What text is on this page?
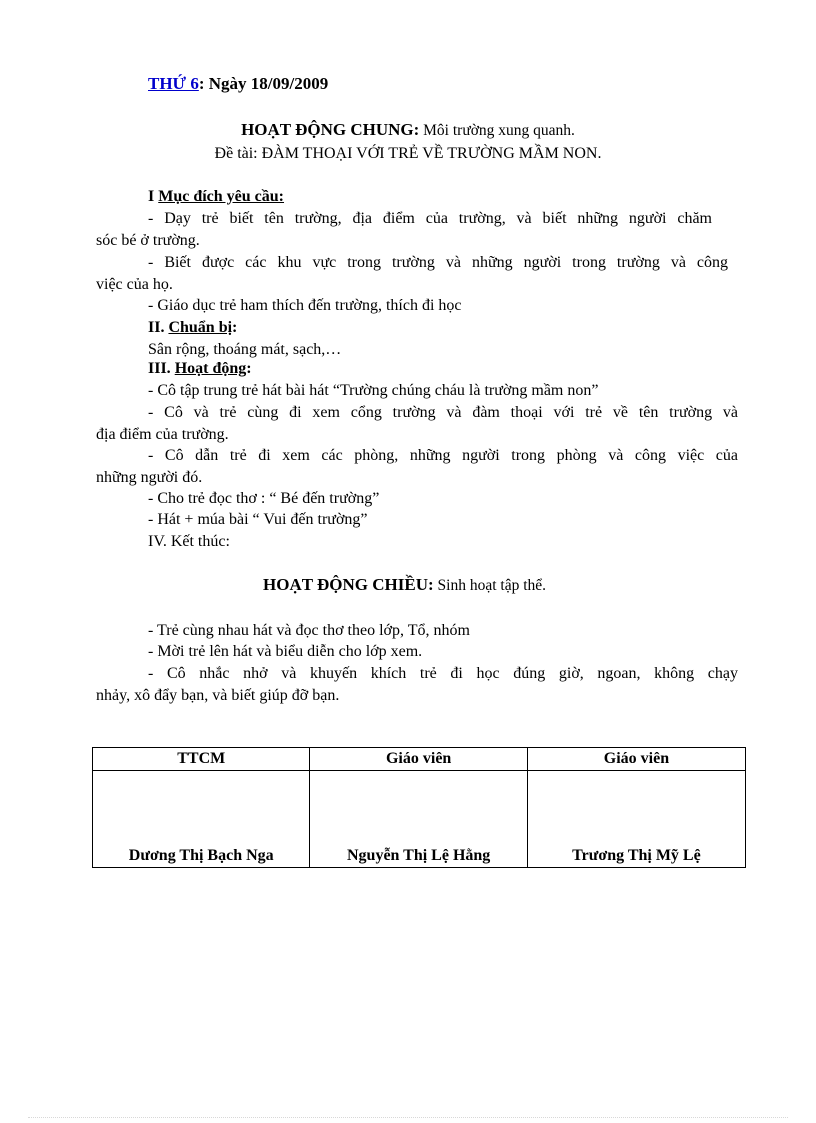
THỨ 6: Ngày 18/09/2009
HOẠT ĐỘNG CHUNG: Môi trường xung quanh.
Đề tài: ĐÀM THOẠI VỚI TRẺ VỀ TRƯỜNG MẦM NON.
I Mục đích yêu cầu:
- Dạy trẻ biết tên trường, địa điểm của trường, và biết những người chăm
sóc bé ở trường.
- Biết được các khu vực trong trường và những người trong trường và công
việc của họ.
- Giáo dục trẻ ham thích đến trường, thích đi học
II. Chuẩn bị:
Sân rộng, thoáng mát, sạch,…
III. Hoạt động:
- Cô tập trung trẻ hát bài hát “Trường chúng cháu là trường mầm non”
- Cô và trẻ cùng đi xem cổng trường và đàm thoại với trẻ về tên trường và
địa điểm của trường.
- Cô dẫn trẻ đi xem các phòng, những người trong phòng và công việc của
những người đó.
- Cho trẻ đọc thơ : “ Bé đến trường”
- Hát + múa bài “ Vui đến trường”
IV. Kết thúc:
HOẠT ĐỘNG CHIỀU: Sinh hoạt tập thể.
- Trẻ cùng nhau hát và đọc thơ theo lớp, Tổ, nhóm
- Mời trẻ lên hát và biểu diễn cho lớp xem.
- Cô nhắc nhở và khuyến khích trẻ đi học đúng giờ, ngoan, không chạy
nhảy, xô đẩy bạn, và biết giúp đỡ bạn.
TTCM	Giáo viên	Giáo viên
Dương Thị Bạch Nga	Nguyễn Thị Lệ Hằng	Trương Thị Mỹ Lệ
